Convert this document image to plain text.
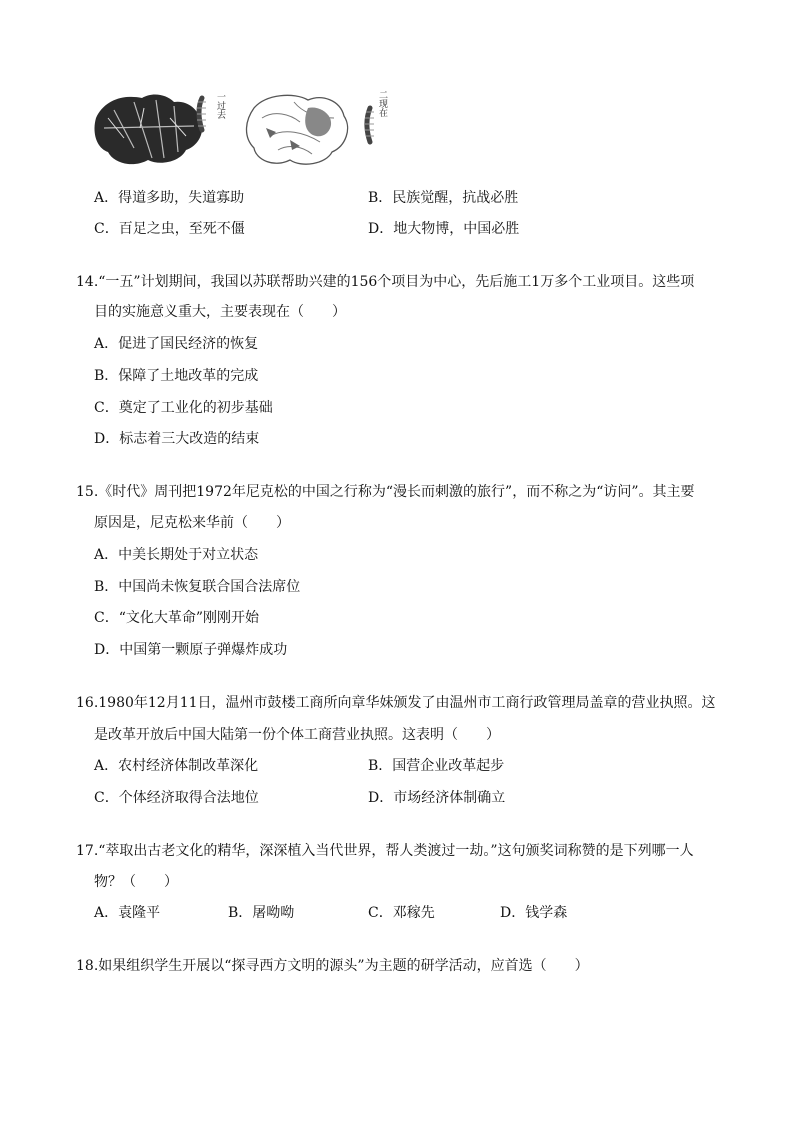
一过去	二现在
A．得道多助，失道寡助	B．民族觉醒，抗战必胜
C．百足之虫，至死不僵	D．地大物博，中国必胜
14.“一五”计划期间，我国以苏联帮助兴建的156个项目为中心，先后施工1万多个工业项目。这些项
目的实施意义重大，主要表现在（　　）
A．促进了国民经济的恢复
B．保障了土地改革的完成
C．奠定了工业化的初步基础
D．标志着三大改造的结束
15.《时代》周刊把1972年尼克松的中国之行称为“漫长而刺激的旅行”，而不称之为“访问”。其主要
原因是，尼克松来华前（　　）
A．中美长期处于对立状态
B．中国尚未恢复联合国合法席位
C．“文化大革命”刚刚开始
D．中国第一颗原子弹爆炸成功
16.1980年12月11日，温州市鼓楼工商所向章华妹颁发了由温州市工商行政管理局盖章的营业执照。这
是改革开放后中国大陆第一份个体工商营业执照。这表明（　　）
A．农村经济体制改革深化	B．国营企业改革起步
C．个体经济取得合法地位	D．市场经济体制确立
17.“萃取出古老文化的精华，深深植入当代世界，帮人类渡过一劫。”这句颁奖词称赞的是下列哪一人
物？（　　）
A．袁隆平	B．屠呦呦	C．邓稼先	D．钱学森
18.如果组织学生开展以“探寻西方文明的源头”为主题的研学活动，应首选（　　）
